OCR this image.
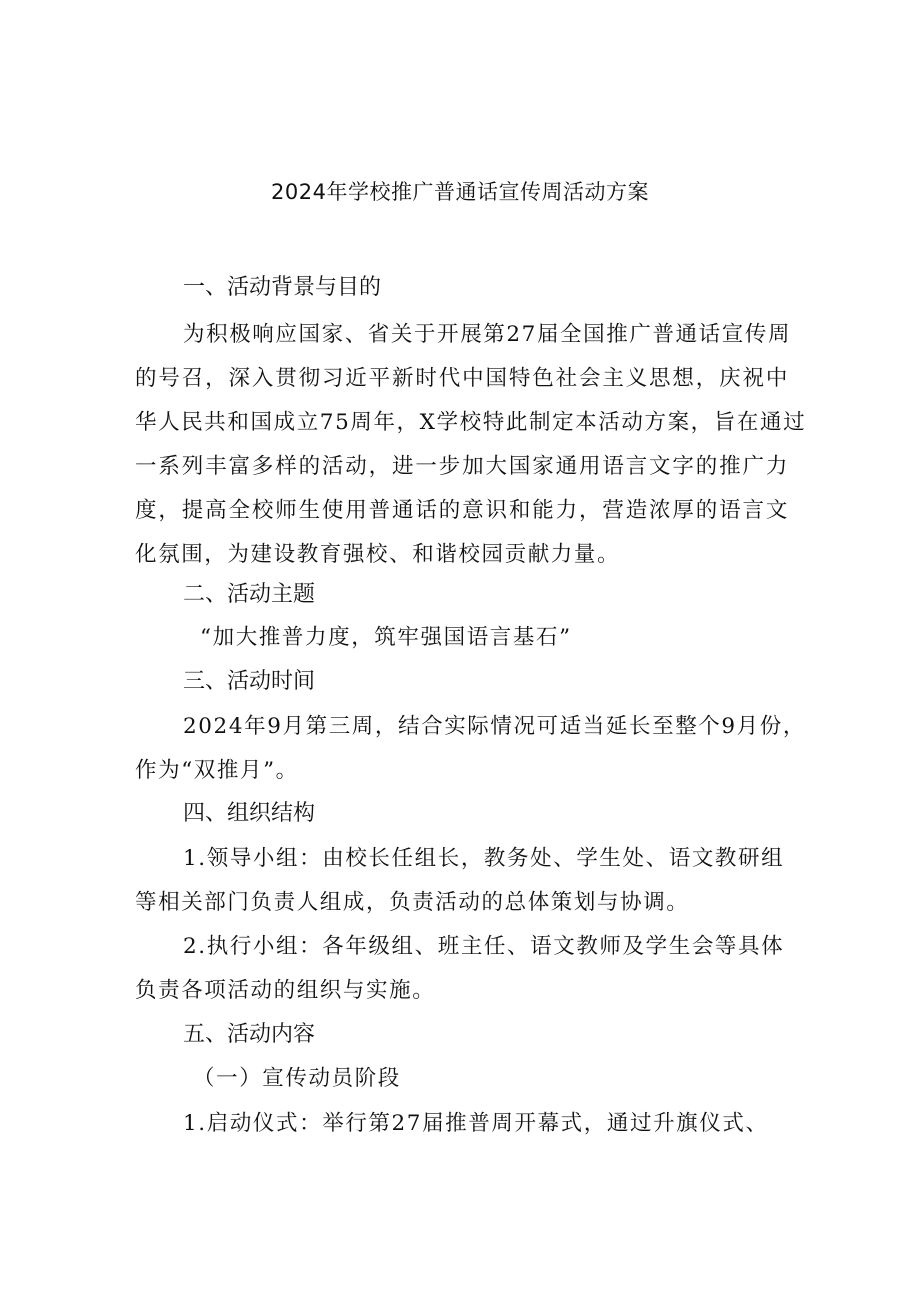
2024年学校推广普通话宣传周活动方案
一、活动背景与目的
为积极响应国家、省关于开展第27届全国推广普通话宣传周
的号召，深入贯彻习近平新时代中国特色社会主义思想，庆祝中
华人民共和国成立75周年，X学校特此制定本活动方案，旨在通过
一系列丰富多样的活动，进一步加大国家通用语言文字的推广力
度，提高全校师生使用普通话的意识和能力，营造浓厚的语言文
化氛围，为建设教育强校、和谐校园贡献力量。
二、活动主题
“加大推普力度，筑牢强国语言基石”
三、活动时间
2024年9月第三周，结合实际情况可适当延长至整个9月份，
作为“双推月”。
四、组织结构
1.领导小组：由校长任组长，教务处、学生处、语文教研组
等相关部门负责人组成，负责活动的总体策划与协调。
2.执行小组：各年级组、班主任、语文教师及学生会等具体
负责各项活动的组织与实施。
五、活动内容
（一）宣传动员阶段
1.启动仪式：举行第27届推普周开幕式，通过升旗仪式、
